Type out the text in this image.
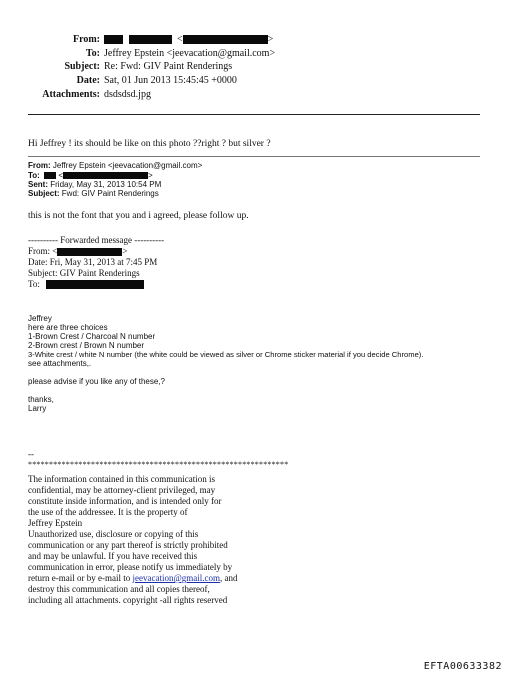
From:	<	>
To: Jeffrey Epstein <jeevacation@gmail.com>
Subject: Re: Fwd: GIV Paint Renderings
Date: Sat, 01 Jun 2013 15:45:45 +0000
Attachments: dsdsdsd.jpg
Hi Jeffrey ! its should be like on this photo ??right ? but silver ?
From: Jeffrey Epstein <jeevacation@gmail.com>
To: <	>
Sent: Friday, May 31, 2013 10:54 PM
Subject: Fwd: GIV Paint Renderings
this is not the font that you and i agreed, please follow up.
---------- Forwarded message ----------
From: <	>
Date: Fri, May 31, 2013 at 7:45 PM
Subject: GIV Paint Renderings
To:
Jeffrey
here are three choices
1-Brown Crest / Charcoal N number
2-Brown crest / Brown N number
3-White crest / white N number (the white could be viewed as silver or Chrome sticker material if you decide Chrome).
see attachments,.
please advise if you like any of these,?
thanks,
Larry
--
**************************************************************
The information contained in this communication is
confidential, may be attorney-client privileged, may
constitute inside information, and is intended only for
the use of the addressee. It is the property of
Jeffrey Epstein
Unauthorized use, disclosure or copying of this
communication or any part thereof is strictly prohibited
and may be unlawful. If you have received this
communication in error, please notify us immediately by
return e-mail or by e-mail to jeevacation@gmail.com, and
destroy this communication and all copies thereof,
including all attachments. copyright -all rights reserved
EFTA00633382
